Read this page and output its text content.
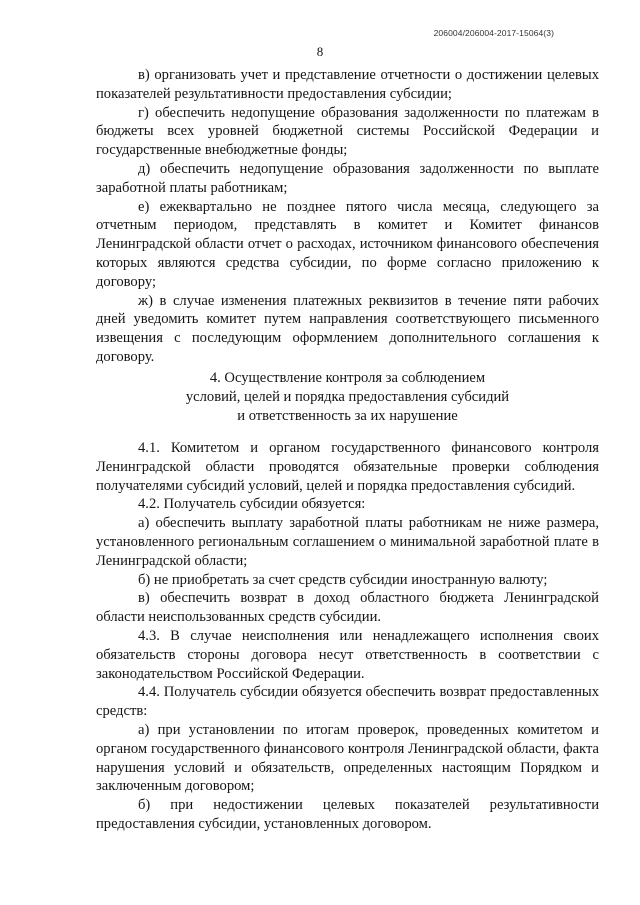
206004/206004-2017-15064(3)
8

в) организовать учет и представление отчетности о достижении целевых показателей результативности предоставления субсидии;

г) обеспечить недопущение образования задолженности по платежам в бюджеты всех уровней бюджетной системы Российской Федерации и государственные внебюджетные фонды;

д) обеспечить недопущение образования задолженности по выплате заработной платы работникам;

е) ежеквартально не позднее пятого числа месяца, следующего за отчетным периодом, представлять в комитет и Комитет финансов Ленинградской области отчет о расходах, источником финансового обеспечения которых являются средства субсидии, по форме согласно приложению к договору;

ж) в случае изменения платежных реквизитов в течение пяти рабочих дней уведомить комитет путем направления соответствующего письменного извещения с последующим оформлением дополнительного соглашения к договору.

4. Осуществление контроля за соблюдением
условий, целей и порядка предоставления субсидий
и ответственность за их нарушение

4.1. Комитетом и органом государственного финансового контроля Ленинградской области проводятся обязательные проверки соблюдения получателями субсидий условий, целей и порядка предоставления субсидий.

4.2. Получатель субсидии обязуется:

а) обеспечить выплату заработной платы работникам не ниже размера, установленного региональным соглашением о минимальной заработной плате в Ленинградской области;

б) не приобретать за счет средств субсидии иностранную валюту;

в) обеспечить возврат в доход областного бюджета Ленинградской области неиспользованных средств субсидии.

4.3. В случае неисполнения или ненадлежащего исполнения своих обязательств стороны договора несут ответственность в соответствии с законодательством Российской Федерации.

4.4. Получатель субсидии обязуется обеспечить возврат предоставленных средств:

а) при установлении по итогам проверок, проведенных комитетом и органом государственного финансового контроля Ленинградской области, факта нарушения условий и обязательств, определенных настоящим Порядком и заключенным договором;

б) при недостижении целевых показателей результативности предоставления субсидии, установленных договором.
